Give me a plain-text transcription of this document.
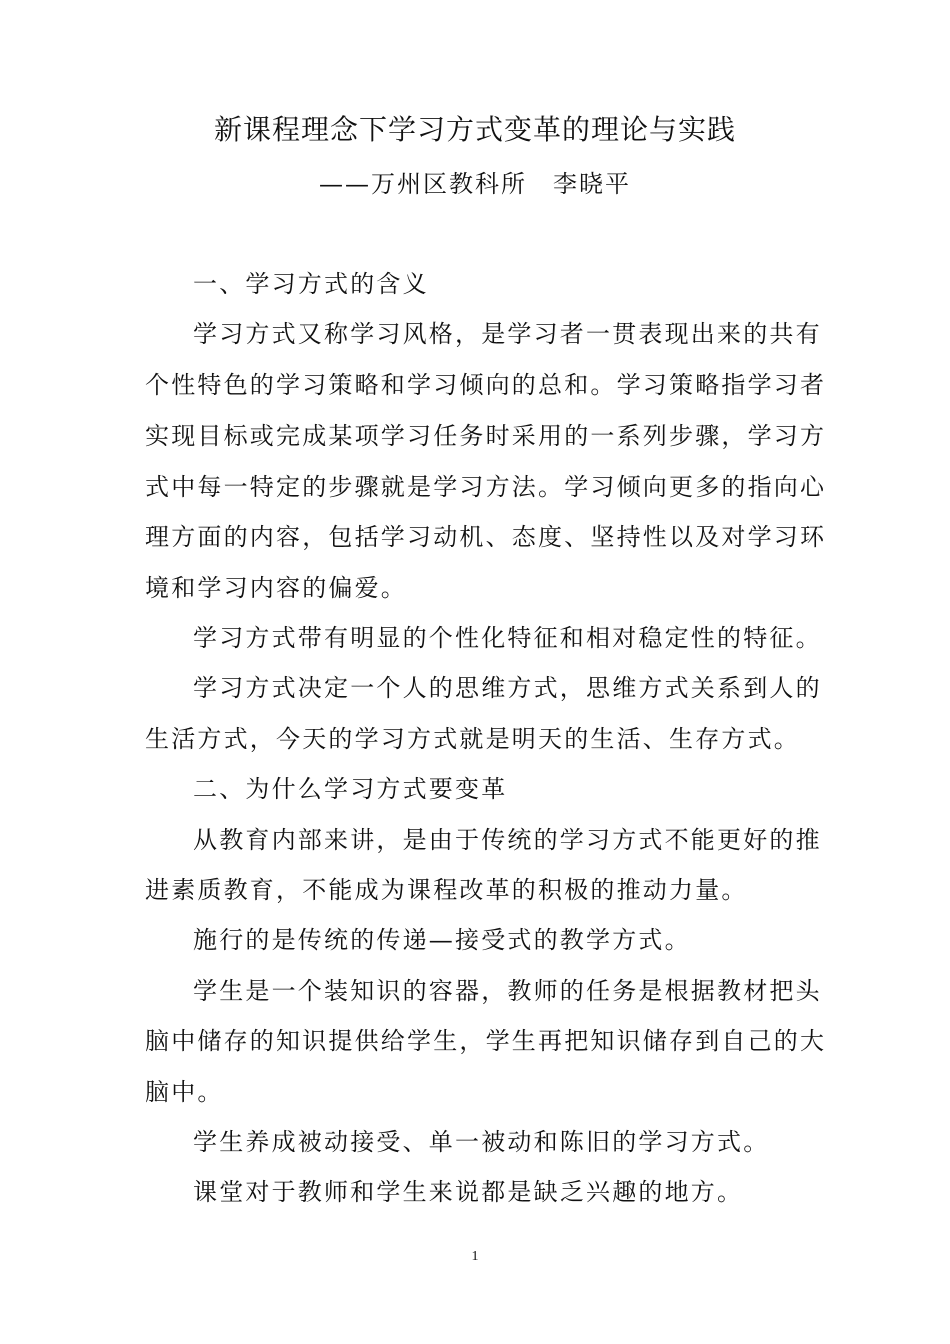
新课程理念下学习方式变革的理论与实践
——万州区教科所　李晓平
一、学习方式的含义
学习方式又称学习风格，是学习者一贯表现出来的共有
个性特色的学习策略和学习倾向的总和。学习策略指学习者
实现目标或完成某项学习任务时采用的一系列步骤，学习方
式中每一特定的步骤就是学习方法。学习倾向更多的指向心
理方面的内容，包括学习动机、态度、坚持性以及对学习环
境和学习内容的偏爱。
学习方式带有明显的个性化特征和相对稳定性的特征。
学习方式决定一个人的思维方式，思维方式关系到人的
生活方式，今天的学习方式就是明天的生活、生存方式。
二、为什么学习方式要变革
从教育内部来讲，是由于传统的学习方式不能更好的推
进素质教育，不能成为课程改革的积极的推动力量。
施行的是传统的传递—接受式的教学方式。
学生是一个装知识的容器，教师的任务是根据教材把头
脑中储存的知识提供给学生，学生再把知识储存到自己的大
脑中。
学生养成被动接受、单一被动和陈旧的学习方式。
课堂对于教师和学生来说都是缺乏兴趣的地方。
1
